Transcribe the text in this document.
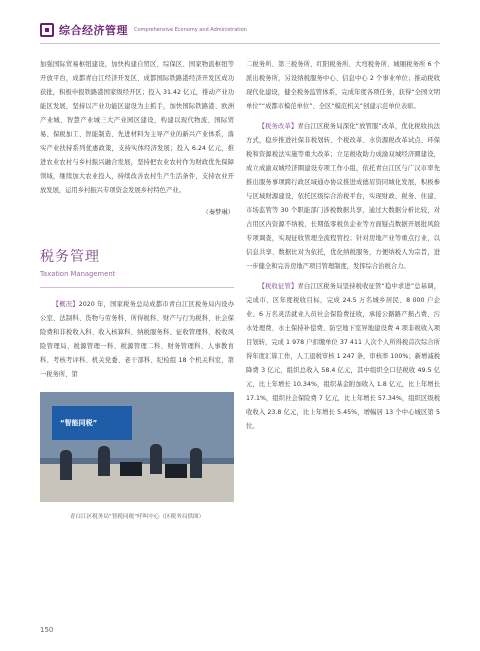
综合经济管理 Comprehensive Economy and Administration

加强国际贸易枢纽建设，加快构建自贸区、综保区、国家物流枢纽等开放平台，成都青白江经济开发区、成都国际铁路港经济开发区成功获批，积极申报铁路港国家级经开区；投入 31.42 亿元，推动产业功能区发展，坚持以产业功能区建设为主抓手，加快国际铁路港、欧洲产业城、智慧产业城三大产业园区建设，构建以现代物流、国际贸易、保税加工、智能制造、先进材料为主导产业的新兴产业体系，落实产业扶持系列优惠政策，支持实体经济发展；投入 6.24 亿元，推进农业农村与乡村振兴融合发展，坚持把农业农村作为财政优先保障领域，继续加大农业投入，持续改善农村生产生活条件，支持农业开放发展，运用乡村振兴专项资金发展乡村特色产业。

（秦梦琳）

税务管理
Taxation Management

【概况】2020 年，国家税务总局成都市青白江区税务局内设办公室、法制科、货物与劳务科、所得税科、财产与行为税科、社会保险费和非税收入科、收入核算科、纳税服务科、征收管理科、税收风险管理局、税源管理一科、税源管理二科、财务管理科、人事教育科、考核考评科、机关党委、老干部科、纪检组 18 个机关科室，第一税务所、第

“智能同税”
青白江区税务局“智税同税”呼叫中心（区税务局供图）

二税务所、第三税务所、红阳税务所、大弯税务所、城厢税务所 6 个派出税务所，另设纳税服务中心、信息中心 2 个事业单位；推动税收现代化建设，健全税务监管体系，完成年度各项任务，获得“全国文明单位”“成都市模范单位”、全区“模范机关”创建示范单位表彰。

【税务改革】青白江区税务局深化“放管服”改革，优化税收执法方式，稳步推进社保非税划转、个税改革、水资源税改革试点、环保税和资源税法实施等重大改革；立足税收助力成渝双城经济圈建设，成立成渝双城经济圈建设专项工作小组，依托青白江区与广汉市率先推出服务事项跨行政区域通办协议推进成德眉资同城化发展，积极参与区域财源建设，依托区级综合治税平台，实现财政、税务、住建、市场监管等 30 个职能部门涉税数据共享，通过大数据分析比较，对占用区内资源不纳税、长期低零税负企业等方面疑点数据开展批风险专项调查，实现征收管理全流程管控；针对房地产业等重点行业，以信息共享、数据比对为依托，优化纳税服务，方便纳税人为宗旨，进一步健全和完善房地产项目管理制度，发挥综合治税合力。

【税收征管】青白江区税务局坚持税收征管“稳中求进”总基调，完成市、区年度税收目标，完成 24.5 万名城乡居民、8 000 户企业、6 万名灵活就业人员社会保险费征收，承接公路路产损占费、污水处理费、水土保持补偿费、防空地下室异地建设费 4 项非税收入项目划转，完成 1 978 户扣缴单位 37 411 人次个人所得税首次综合所得年度汇算工作，人工退税审核 1 247 条，审核率 100%；新增减税降费 3 亿元，组织总收入 58.4 亿元，其中组织全口径税收 49.5 亿元，比上年增长 10.34%，组织基金附加收入 1.8 亿元，比上年增长 17.1%，组织社会保险费 7 亿元，比上年增长 57.34%，组织区级税收收入 23.8 亿元，比上年增长 5.45%，增幅居 13 个中心城区第 5 位。

150
